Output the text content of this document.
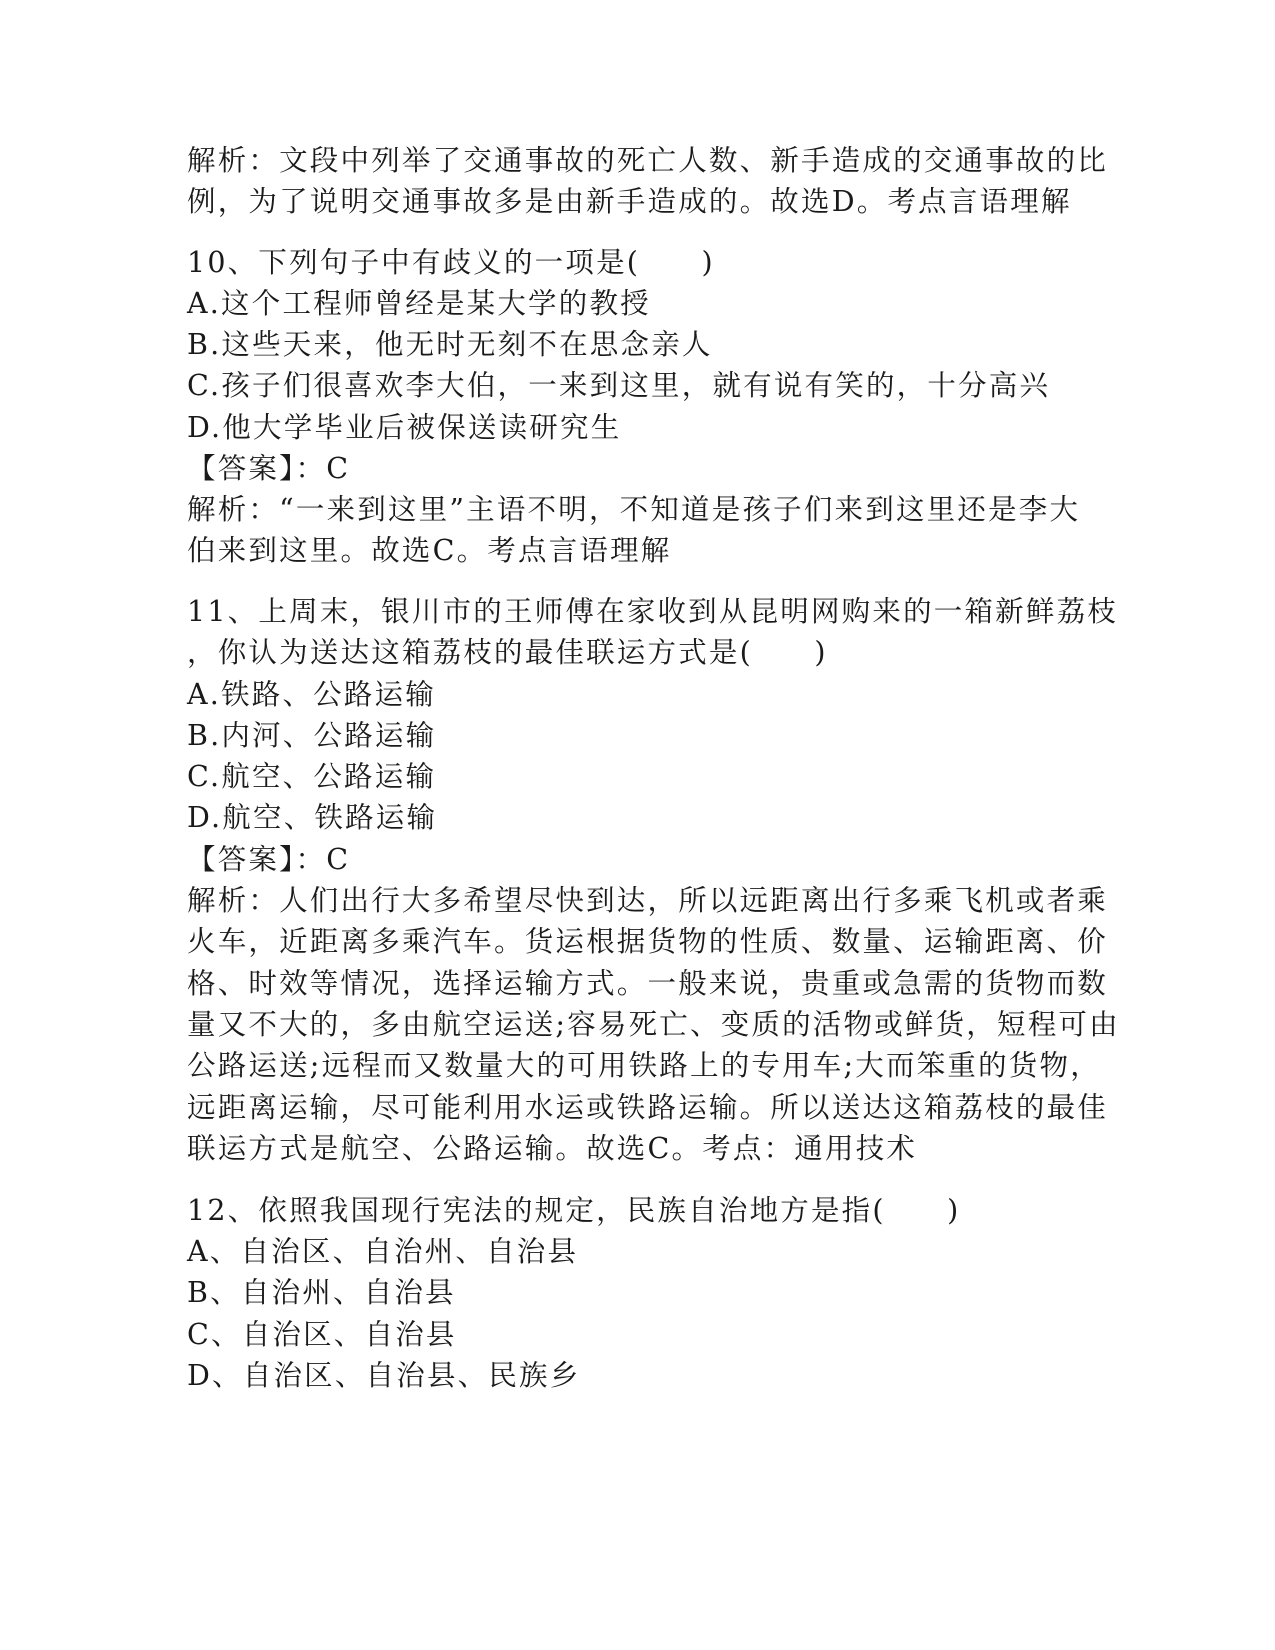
解析：文段中列举了交通事故的死亡人数、新手造成的交通事故的比
例，为了说明交通事故多是由新手造成的。故选D。考点言语理解
10、下列句子中有歧义的一项是(　　)
A.这个工程师曾经是某大学的教授
B.这些天来，他无时无刻不在思念亲人
C.孩子们很喜欢李大伯，一来到这里，就有说有笑的，十分高兴
D.他大学毕业后被保送读研究生
【答案】：C
解析：“一来到这里”主语不明，不知道是孩子们来到这里还是李大
伯来到这里。故选C。考点言语理解
11、上周末，银川市的王师傅在家收到从昆明网购来的一箱新鲜荔枝
，你认为送达这箱荔枝的最佳联运方式是(　　)
A.铁路、公路运输
B.内河、公路运输
C.航空、公路运输
D.航空、铁路运输
【答案】：C
解析：人们出行大多希望尽快到达，所以远距离出行多乘飞机或者乘
火车，近距离多乘汽车。货运根据货物的性质、数量、运输距离、价
格、时效等情况，选择运输方式。一般来说，贵重或急需的货物而数
量又不大的，多由航空运送;容易死亡、变质的活物或鲜货，短程可由
公路运送;远程而又数量大的可用铁路上的专用车;大而笨重的货物，
远距离运输，尽可能利用水运或铁路运输。所以送达这箱荔枝的最佳
联运方式是航空、公路运输。故选C。考点：通用技术
12、依照我国现行宪法的规定，民族自治地方是指(　　)
A、自治区、自治州、自治县
B、自治州、自治县
C、自治区、自治县
D、自治区、自治县、民族乡
